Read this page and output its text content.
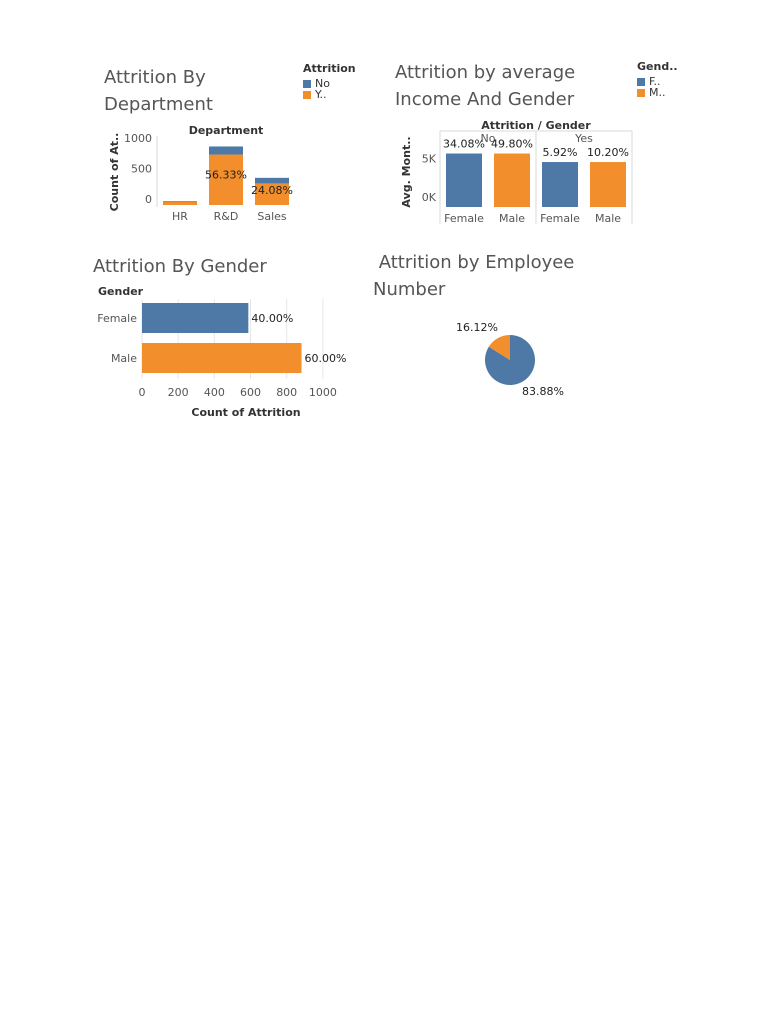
Attrition By
Department
Attrition
No
Y..
Department
Count of At.. 0
500
1000
HR R&D
56.33%
Sales
24.08%
Attrition / Gender
Avg. Mont..	No	Yes
0K
5K
Female
34.08%
Male
49.80%
Female
5.92%
Male
10.20%
Gender
0 200 400 600 800 1000
Count of Attrition
Female	40.00%
Male	60.00%
16.12%
83.88%
Attrition by average
Income And Gender
Gend..
F..
M..
Attrition By Gender	Attrition by Employee
Number
